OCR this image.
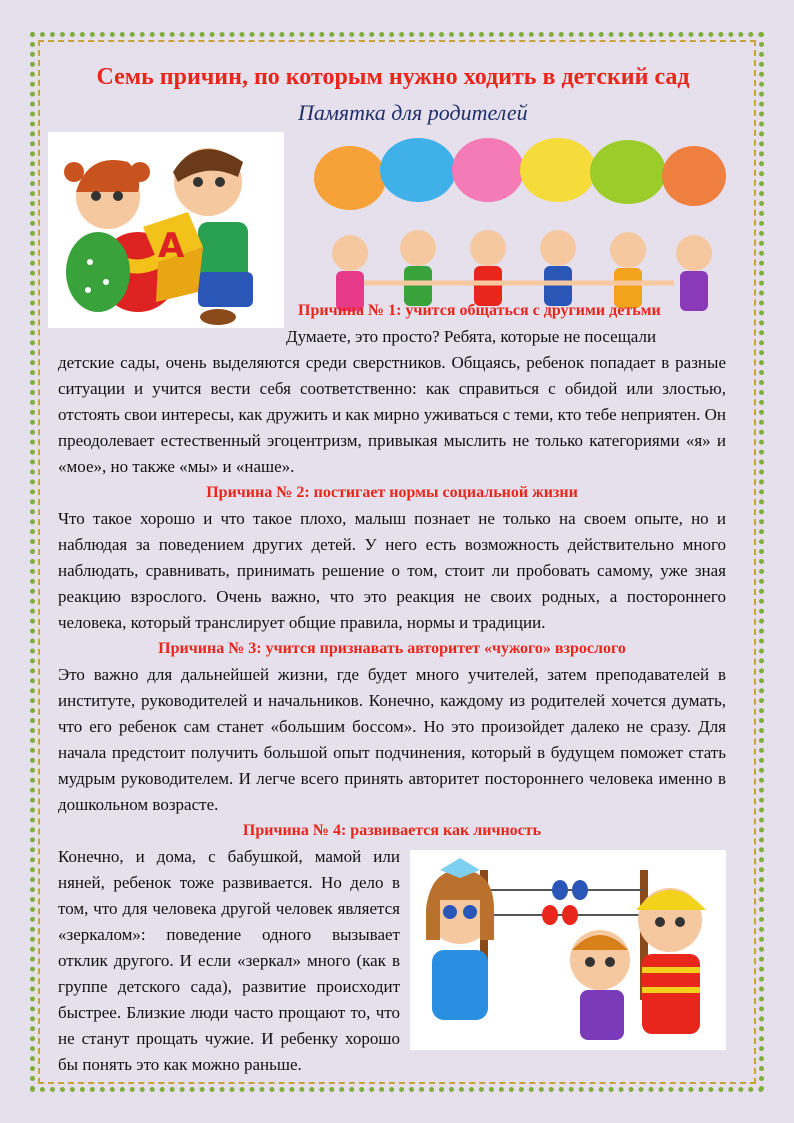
Семь причин, по которым нужно ходить в детский сад
Памятка для родителей
A

Причина № 1: учится общаться с другими детьми

Думаете, это просто? Ребята, которые не посещали

детские сады, очень выделяются среди сверстников. Общаясь, ребенок попадает в разные ситуации и учится вести себя соответственно: как справиться с обидой или злостью, отстоять свои интересы, как дружить и как мирно уживаться с теми, кто тебе неприятен. Он преодолевает естественный эгоцентризм, привыкая мыслить не только категориями «я» и «мое», но также «мы» и «наше».

Причина № 2: постигает нормы социальной жизни

Что такое хорошо и что такое плохо, малыш познает не только на своем опыте, но и наблюдая за поведением других детей. У него есть возможность действительно много наблюдать, сравнивать, принимать решение о том, стоит ли пробовать самому, уже зная реакцию взрослого. Очень важно, что это реакция не своих родных, а постороннего человека, который транслирует общие правила, нормы и традиции.

Причина № 3: учится признавать авторитет «чужого» взрослого

Это важно для дальнейшей жизни, где будет много учителей, затем преподавателей в институте, руководителей и начальников. Конечно, каждому из родителей хочется думать, что его ребенок сам станет «большим боссом». Но это произойдет далеко не сразу. Для начала предстоит получить большой опыт подчинения, который в будущем поможет стать мудрым руководителем. И легче всего принять авторитет постороннего человека именно в дошкольном возрасте.

Причина № 4: развивается как личность

Конечно, и дома, с бабушкой, мамой или няней, ребенок тоже развивается. Но дело в том, что для человека другой человек является «зеркалом»: поведение одного вызывает отклик другого. И если «зеркал» много (как в группе детского сада), развитие происходит быстрее. Близкие люди часто прощают то, что не станут прощать чужие. И ребенку хорошо бы понять это как можно раньше.
